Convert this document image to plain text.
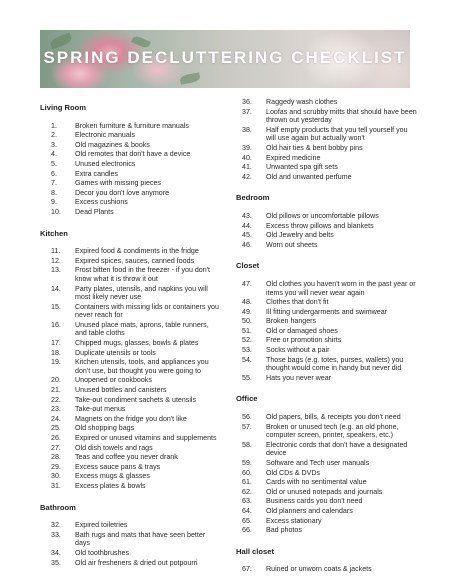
SPRING DECLUTTERING CHECKLIST
Living Room
1.	Broken furniture & furniture manuals
2.	Electronic manuals
3.	Old magazines & books
4.	Old remotes that don't have a device
5.	Unused electronics
6.	Extra candles
7.	Games with missing pieces
8.	Decor you don't love anymore
9.	Excess cushions
10.	Dead Plants
Kitchen
11.	Expired food & condiments in the fridge
12.	Expired spices, sauces, canned foods
13.	Frost bitten food in the freezer - if you don't know what it is throw it out
14.	Party plates, utensils, and napkins you will most likely never use
15.	Containers with missing lids or containers you never reach for
16.	Unused place mats, aprons, table runners, and table cloths
17.	Chipped mugs, glasses, bowls & plates
18.	Duplicate utensils or tools
19.	Kitchen utensils, tools, and appliances you don't use, but thought you were going to
20.	Unopened or cookbooks
21.	Unused bottles and canisters
22.	Take-out condiment sachets & utensils
23.	Take-out menus
24.	Magnets on the fridge you don't like
25.	Old shopping bags
26.	Expired or unused vitamins and supplements
27.	Old dish towels and rags
28.	Teas and coffee you never drank
29.	Excess sauce pans & trays
30.	Excess mugs & glasses
31.	Excess plates & bowls
Bathroom
32.	Expired toiletries
33.	Bath rugs and mats that have seen better days
34.	Old toothbrushes
35.	Old air fresheners & dried out potpourri
36.	Raggedy wash clothes
37.	Loofas and scrubby mitts that should have been thrown out yesterday
38.	Half empty products that you tell yourself you will use again but actually won't
39.	Old hair ties & bent bobby pins
40.	Expired medicine
41.	Unwanted spa gift sets
42.	Old and unwanted perfume
Bedroom
43.	Old pillows or uncomfortable pillows
44.	Excess throw pillows and blankets
45.	Old Jewelry and belts
46.	Worn out sheets
Closet
47.	Old clothes you haven't worn in the past year or items you will never wear again
48.	Clothes that don't fit
49.	Ill fitting undergarments and swimwear
50.	Broken hangers
51.	Old or damaged shoes
52.	Free or promotion shirts
53.	Socks without a pair
54.	Those bags (e.g. totes, purses, wallets) you thought would come in handy but never did
55.	Hats you never wear
Office
56.	Old papers, bills, & receipts you don't need
57.	Broken or unused tech (e.g. an old phone, computer screen, printer, speakers, etc.)
58.	Electronic cords that don't have a designated device
59.	Software and Tech user manuals
60.	Old CDs & DVDs
61.	Cards with no sentimental value
62.	Old or unused notepads and journals
63.	Business cards you don't need
64.	Old planners and calendars
65.	Excess stationary
66.	Bad photos
Hall closet
67.	Ruined or unworn coats & jackets
